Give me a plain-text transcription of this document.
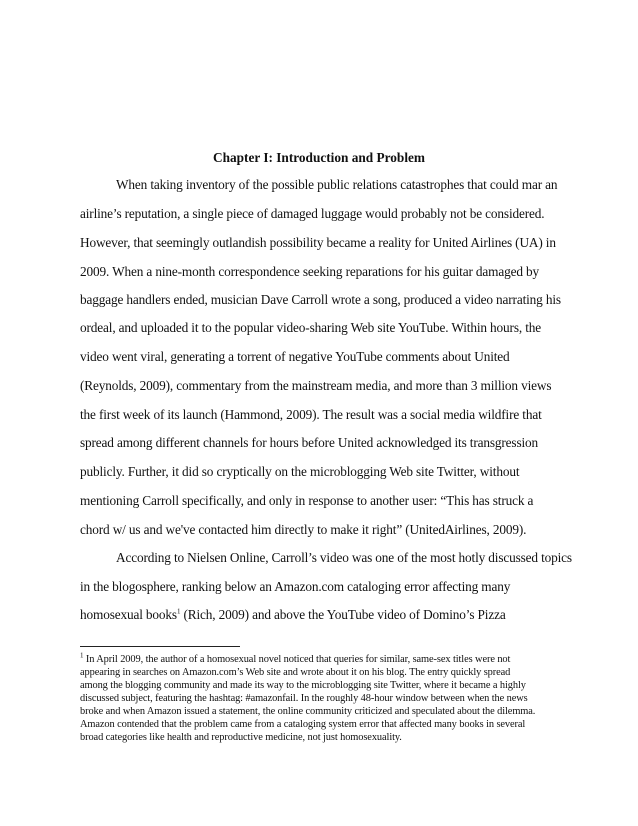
Chapter I: Introduction and Problem
When taking inventory of the possible public relations catastrophes that could mar an
airline’s reputation, a single piece of damaged luggage would probably not be considered.
However, that seemingly outlandish possibility became a reality for United Airlines (UA) in
2009. When a nine-month correspondence seeking reparations for his guitar damaged by
baggage handlers ended, musician Dave Carroll wrote a song, produced a video narrating his
ordeal, and uploaded it to the popular video-sharing Web site YouTube. Within hours, the
video went viral, generating a torrent of negative YouTube comments about United
(Reynolds, 2009), commentary from the mainstream media, and more than 3 million views
the first week of its launch (Hammond, 2009). The result was a social media wildfire that
spread among different channels for hours before United acknowledged its transgression
publicly. Further, it did so cryptically on the microblogging Web site Twitter, without
mentioning Carroll specifically, and only in response to another user: “This has struck a
chord w/ us and we've contacted him directly to make it right” (UnitedAirlines, 2009).
According to Nielsen Online, Carroll’s video was one of the most hotly discussed topics
in the blogosphere, ranking below an Amazon.com cataloging error affecting many
homosexual books$^1$ (Rich, 2009) and above the YouTube video of Domino’s Pizza
$^1$ In April 2009, the author of a homosexual novel noticed that queries for similar, same-sex titles were not
appearing in searches on Amazon.com’s Web site and wrote about it on his blog. The entry quickly spread
among the blogging community and made its way to the microblogging site Twitter, where it became a highly
discussed subject, featuring the hashtag: #amazonfail. In the roughly 48-hour window between when the news
broke and when Amazon issued a statement, the online community criticized and speculated about the dilemma.
Amazon contended that the problem came from a cataloging system error that affected many books in several
broad categories like health and reproductive medicine, not just homosexuality.
